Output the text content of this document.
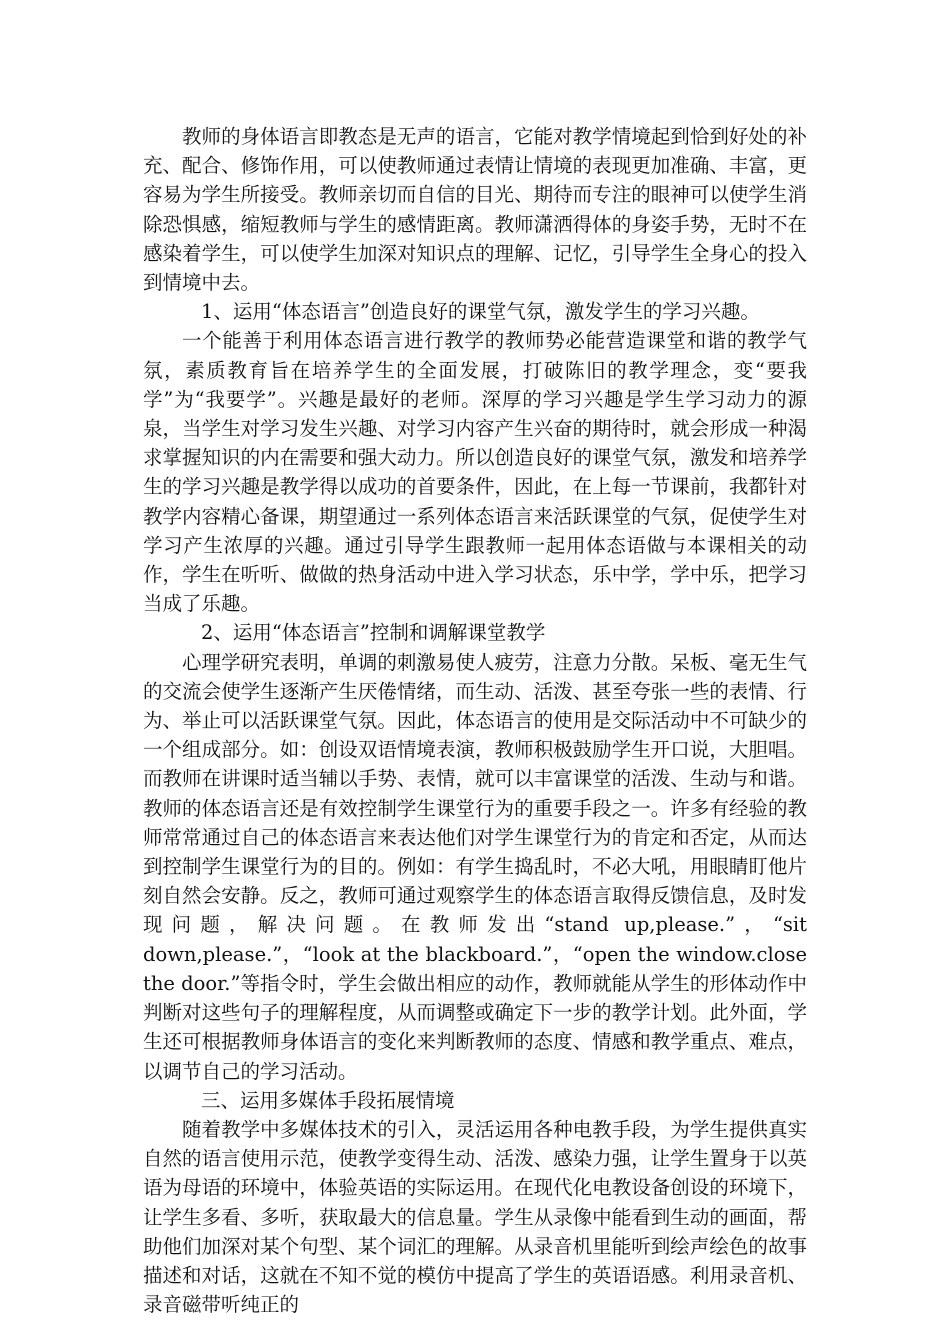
教师的身体语言即教态是无声的语言，它能对教学情境起到恰到好处的补充、配合、修饰作用，可以使教师通过表情让情境的表现更加准确、丰富，更容易为学生所接受。教师亲切而自信的目光、期待而专注的眼神可以使学生消除恐惧感，缩短教师与学生的感情距离。教师潇洒得体的身姿手势，无时不在感染着学生，可以使学生加深对知识点的理解、记忆，引导学生全身心的投入到情境中去。

1、运用“体态语言”创造良好的课堂气氛，激发学生的学习兴趣。

一个能善于利用体态语言进行教学的教师势必能营造课堂和谐的教学气氛，素质教育旨在培养学生的全面发展，打破陈旧的教学理念，变“要我学”为“我要学”。兴趣是最好的老师。深厚的学习兴趣是学生学习动力的源泉，当学生对学习发生兴趣、对学习内容产生兴奋的期待时，就会形成一种渴求掌握知识的内在需要和强大动力。所以创造良好的课堂气氛，激发和培养学生的学习兴趣是教学得以成功的首要条件，因此，在上每一节课前，我都针对教学内容精心备课，期望通过一系列体态语言来活跃课堂的气氛，促使学生对学习产生浓厚的兴趣。通过引导学生跟教师一起用体态语做与本课相关的动作，学生在听听、做做的热身活动中进入学习状态，乐中学，学中乐，把学习当成了乐趣。

2、运用“体态语言”控制和调解课堂教学

心理学研究表明，单调的刺激易使人疲劳，注意力分散。呆板、毫无生气的交流会使学生逐渐产生厌倦情绪，而生动、活泼、甚至夸张一些的表情、行为、举止可以活跃课堂气氛。因此，体态语言的使用是交际活动中不可缺少的一个组成部分。如：创设双语情境表演，教师积极鼓励学生开口说，大胆唱。而教师在讲课时适当辅以手势、表情，就可以丰富课堂的活泼、生动与和谐。教师的体态语言还是有效控制学生课堂行为的重要手段之一。许多有经验的教师常常通过自己的体态语言来表达他们对学生课堂行为的肯定和否定，从而达到控制学生课堂行为的目的。例如：有学生捣乱时，不必大吼，用眼睛盯他片刻自然会安静。反之，教师可通过观察学生的体态语言取得反馈信息，及时发现问题，解决问题。在教师发出“stand up,please.”，“sit down,please.”，“look at the blackboard.”，“open the window.close the door.”等指令时，学生会做出相应的动作，教师就能从学生的形体动作中判断对这些句子的理解程度，从而调整或确定下一步的教学计划。此外面，学生还可根据教师身体语言的变化来判断教师的态度、情感和教学重点、难点，以调节自己的学习活动。

三、运用多媒体手段拓展情境

随着教学中多媒体技术的引入，灵活运用各种电教手段，为学生提供真实自然的语言使用示范，使教学变得生动、活泼、感染力强，让学生置身于以英语为母语的环境中，体验英语的实际运用。在现代化电教设备创设的环境下，让学生多看、多听，获取最大的信息量。学生从录像中能看到生动的画面，帮助他们加深对某个句型、某个词汇的理解。从录音机里能听到绘声绘色的故事描述和对话，这就在不知不觉的模仿中提高了学生的英语语感。利用录音机、录音磁带听纯正的
